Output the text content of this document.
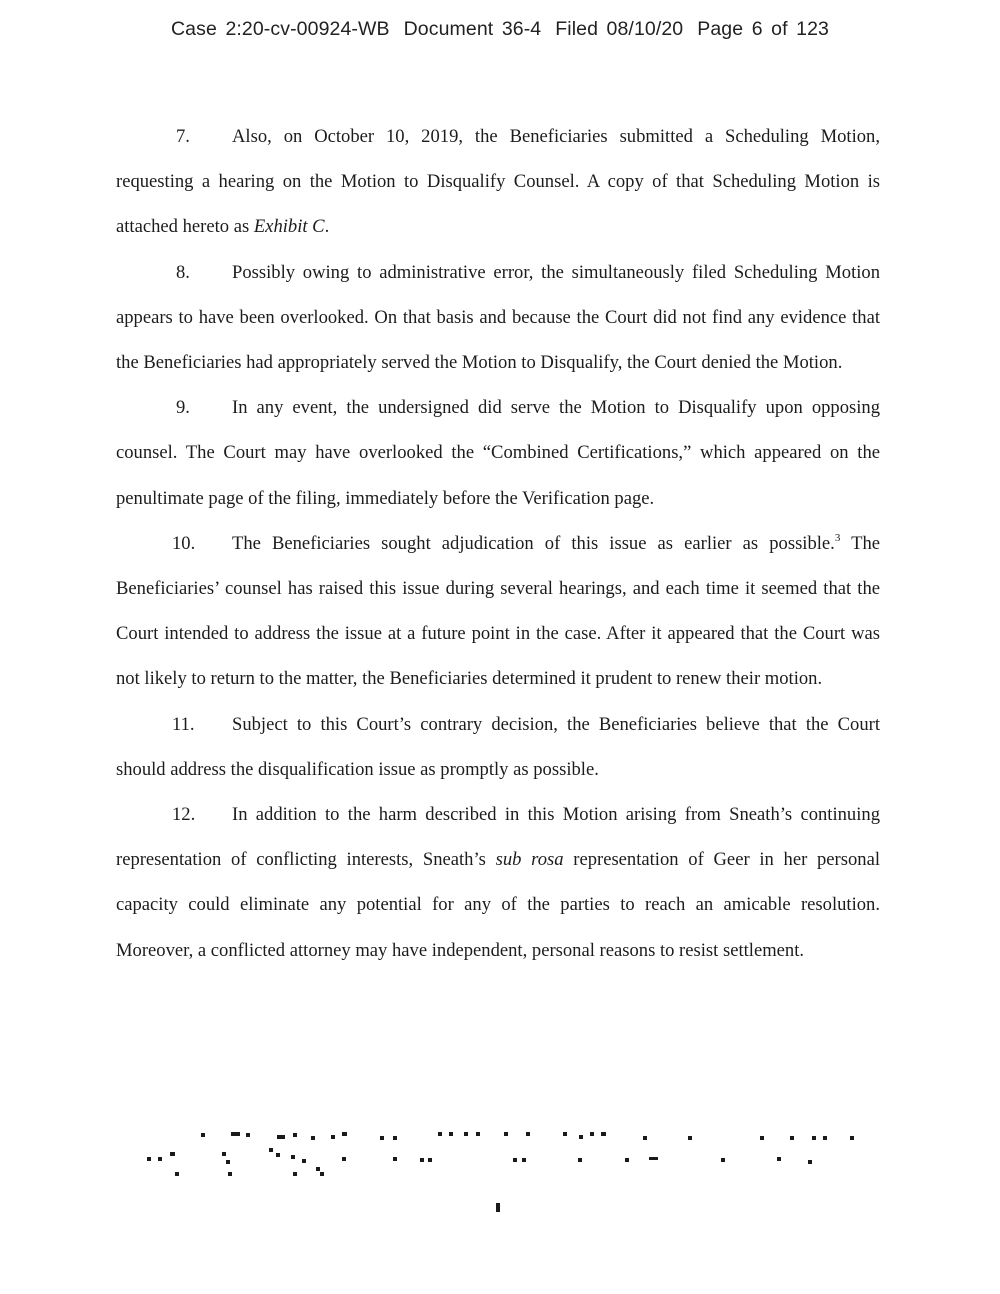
Case 2:20-cv-00924-WB Document 36-4 Filed 08/10/20 Page 6 of 123

7. Also, on October 10, 2019, the Beneficiaries submitted a Scheduling Motion, requesting a hearing on the Motion to Disqualify Counsel. A copy of that Scheduling Motion is attached hereto as Exhibit C.

8. Possibly owing to administrative error, the simultaneously filed Scheduling Motion appears to have been overlooked. On that basis and because the Court did not find any evidence that the Beneficiaries had appropriately served the Motion to Disqualify, the Court denied the Motion.

9. In any event, the undersigned did serve the Motion to Disqualify upon opposing counsel. The Court may have overlooked the “Combined Certifications,” which appeared on the penultimate page of the filing, immediately before the Verification page.

10. The Beneficiaries sought adjudication of this issue as earlier as possible.$^3$ The Beneficiaries’ counsel has raised this issue during several hearings, and each time it seemed that the Court intended to address the issue at a future point in the case. After it appeared that the Court was not likely to return to the matter, the Beneficiaries determined it prudent to renew their motion.

11. Subject to this Court’s contrary decision, the Beneficiaries believe that the Court should address the disqualification issue as promptly as possible.

12. In addition to the harm described in this Motion arising from Sneath’s continuing representation of conflicting interests, Sneath’s sub rosa representation of Geer in her personal capacity could eliminate any potential for any of the parties to reach an amicable resolution. Moreover, a conflicted attorney may have independent, personal reasons to resist settlement.
